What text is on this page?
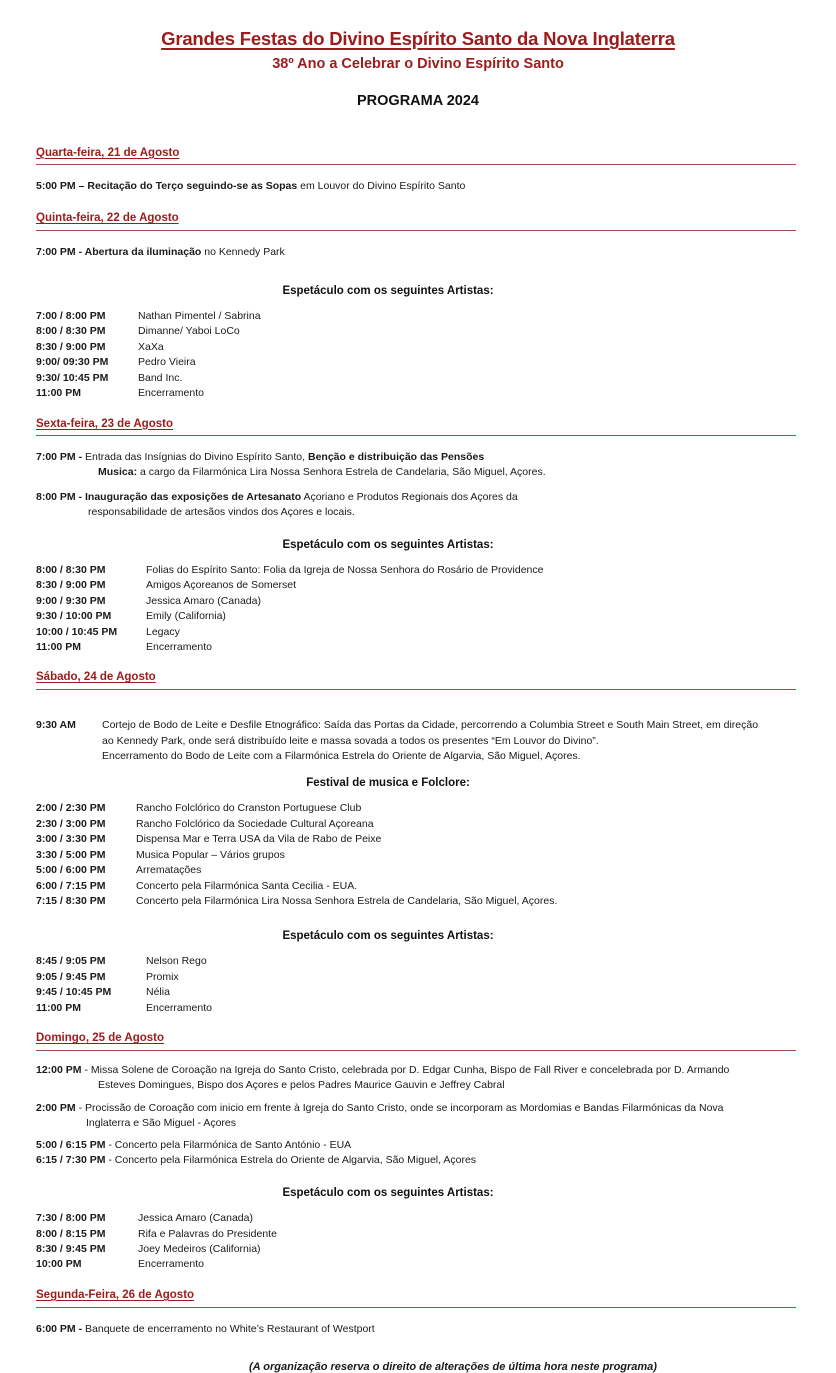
Grandes Festas do Divino Espírito Santo da Nova Inglaterra
38º Ano a Celebrar o Divino Espírito Santo
PROGRAMA 2024
Quarta-feira, 21 de Agosto

5:00 PM – Recitação do Terço seguindo-se as Sopas em Louvor do Divino Espírito Santo

Quinta-feira, 22 de Agosto

7:00 PM - Abertura da iluminação no Kennedy Park

Espetáculo com os seguintes Artistas:
7:00 / 8:00 PM	Nathan Pimentel / Sabrina
8:00 / 8:30 PM	Dimanne/ Yaboi LoCo
8:30 / 9:00 PM	XaXa
9:00/ 09:30 PM	Pedro Vieira
9:30/ 10:45 PM	Band Inc.
11:00 PM	Encerramento
Sexta-feira, 23 de Agosto

7:00 PM - Entrada das Insígnias do Divino Espírito Santo, Benção e distribuição das Pensões
Musica: a cargo da Filarmónica Lira Nossa Senhora Estrela de Candelaria, São Miguel, Açores.

8:00 PM - Inauguração das exposições de Artesanato Açoriano e Produtos Regionais dos Açores da
responsabilidade de artesãos vindos dos Açores e locais.

Espetáculo com os seguintes Artistas:
8:00 / 8:30 PM	Folias do Espírito Santo: Folia da Igreja de Nossa Senhora do Rosário de Providence
8:30 / 9:00 PM	Amigos Açoreanos de Somerset
9:00 / 9:30 PM	Jessica Amaro (Canada)
9:30 / 10:00 PM	Emily (California)
10:00 / 10:45 PM	Legacy
11:00 PM	Encerramento
Sábado, 24 de Agosto
9:30 AM	Cortejo de Bodo de Leite e Desfile Etnográfico: Saída das Portas da Cidade, percorrendo a Columbia Street e South Main Street, em direção
ao Kennedy Park, onde será distribuído leite e massa sovada a todos os presentes “Em Louvor do Divino”.
Encerramento do Bodo de Leite com a Filarmónica Estrela do Oriente de Algarvia, São Miguel, Açores.
Festival de musica e Folclore:
2:00 / 2:30 PM	Rancho Folclórico do Cranston Portuguese Club
2:30 / 3:00 PM	Rancho Folclórico da Sociedade Cultural Açoreana
3:00 / 3:30 PM	Dispensa Mar e Terra USA da Vila de Rabo de Peixe
3:30 / 5:00 PM	Musica Popular – Vários grupos
5:00 / 6:00 PM	Arrematações
6:00 / 7:15 PM	Concerto pela Filarmónica Santa Cecilia - EUA.
7:15 / 8:30 PM	Concerto pela Filarmónica Lira Nossa Senhora Estrela de Candelaria, São Miguel, Açores.
Espetáculo com os seguintes Artistas:
8:45 / 9:05 PM	Nelson Rego
9:05 / 9:45 PM	Promix
9:45 / 10:45 PM	Nélia
11:00 PM	Encerramento
Domingo, 25 de Agosto

12:00 PM - Missa Solene de Coroação na Igreja do Santo Cristo, celebrada por D. Edgar Cunha, Bispo de Fall River e concelebrada por D. Armando
Esteves Domingues, Bispo dos Açores e pelos Padres Maurice Gauvin e Jeffrey Cabral

2:00 PM - Procissão de Coroação com inicio em frente à Igreja do Santo Cristo, onde se incorporam as Mordomias e Bandas Filarmónicas da Nova
Inglaterra e São Miguel - Açores

5:00 / 6:15 PM - Concerto pela Filarmónica de Santo António - EUA

6:15 / 7:30 PM - Concerto pela Filarmónica Estrela do Oriente de Algarvia, São Miguel, Açores

Espetáculo com os seguintes Artistas:
7:30 / 8:00 PM	Jessica Amaro (Canada)
8:00 / 8:15 PM	Rifa e Palavras do Presidente
8:30 / 9:45 PM	Joey Medeiros (California)
10:00 PM	Encerramento
Segunda-Feira, 26 de Agosto

6:00 PM - Banquete de encerramento no White’s Restaurant of Westport

(A organização reserva o direito de alterações de última hora neste programa)
